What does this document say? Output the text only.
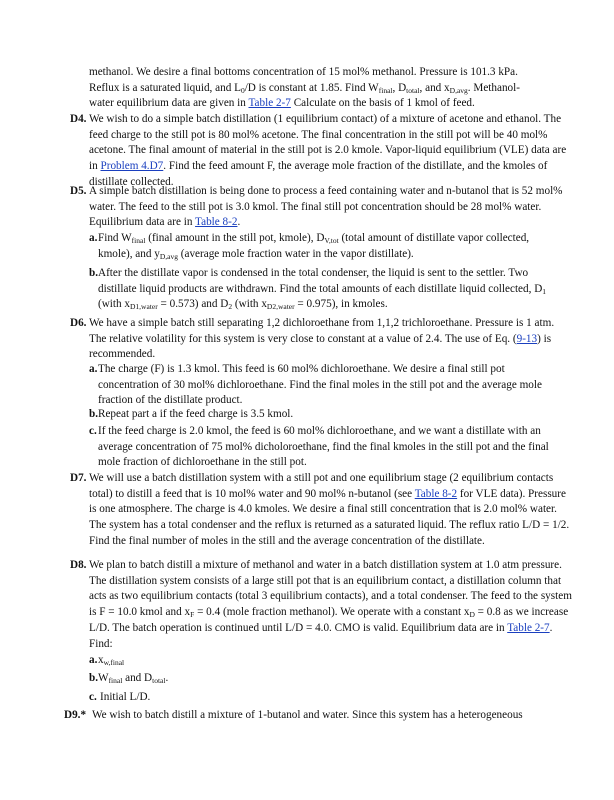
methanol. We desire a final bottoms concentration of 15 mol% methanol. Pressure is 101.3 kPa.
Reflux is a saturated liquid, and $L_0/D$ is constant at 1.85. Find $W_{final}$, $D_{total}$, and $x_{D,avg}$. Methanol-
water equilibrium data are given in Table 2-7 Calculate on the basis of 1 kmol of feed.

D4. We wish to do a simple batch distillation (1 equilibrium contact) of a mixture of acetone and ethanol. The feed charge to the still pot is 80 mol% acetone. The final concentration in the still pot will be 40 mol% acetone. The final amount of material in the still pot is 2.0 kmole. Vapor-liquid equilibrium (VLE) data are in Problem 4.D7. Find the feed amount F, the average mole fraction of the distillate, and the kmoles of distillate collected.

D5. A simple batch distillation is being done to process a feed containing water and n-butanol that is 52 mol% water. The feed to the still pot is 3.0 kmol. The final still pot concentration should be 28 mol% water. Equilibrium data are in Table 8-2.

a. Find $W_{final}$ (final amount in the still pot, kmole), $D_{V,tot}$ (total amount of distillate vapor collected, kmole), and $y_{D,avg}$ (average mole fraction water in the vapor distillate).

b. After the distillate vapor is condensed in the total condenser, the liquid is sent to the settler. Two distillate liquid products are withdrawn. Find the total amounts of each distillate liquid collected, $D_1$ (with $x_{D1,water} = 0.573$) and $D_2$ (with $x_{D2,water} = 0.975$), in kmoles.

D6. We have a simple batch still separating 1,2 dichloroethane from 1,1,2 trichloroethane. Pressure is 1 atm. The relative volatility for this system is very close to constant at a value of 2.4. The use of Eq. (9-13) is recommended.

a. The charge (F) is 1.3 kmol. This feed is 60 mol% dichloroethane. We desire a final still pot concentration of 30 mol% dichloroethane. Find the final moles in the still pot and the average mole fraction of the distillate product.

b. Repeat part a if the feed charge is 3.5 kmol.

c. If the feed charge is 2.0 kmol, the feed is 60 mol% dichloroethane, and we want a distillate with an average concentration of 75 mol% dicholoroethane, find the final kmoles in the still pot and the final mole fraction of dichloroethane in the still pot.

D7. We will use a batch distillation system with a still pot and one equilibrium stage (2 equilibrium contacts total) to distill a feed that is 10 mol% water and 90 mol% n-butanol (see Table 8-2 for VLE data). Pressure is one atmosphere. The charge is 4.0 kmoles. We desire a final still concentration that is 2.0 mol% water. The system has a total condenser and the reflux is returned as a saturated liquid. The reflux ratio L/D = 1/2. Find the final number of moles in the still and the average concentration of the distillate.

D8. We plan to batch distill a mixture of methanol and water in a batch distillation system at 1.0 atm pressure. The distillation system consists of a large still pot that is an equilibrium contact, a distillation column that acts as two equilibrium contacts (total 3 equilibrium contacts), and a total condenser. The feed to the system is F = 10.0 kmol and $x_F = 0.4$ (mole fraction methanol). We operate with a constant $x_D = 0.8$ as we increase L/D. The batch operation is continued until L/D = 4.0. CMO is valid. Equilibrium data are in Table 2-7. Find:

a. $x_{w,final}$

b. $W_{final}$ and $D_{total}$.

c. Initial L/D.

D9.* We wish to batch distill a mixture of 1-butanol and water. Since this system has a heterogeneous
